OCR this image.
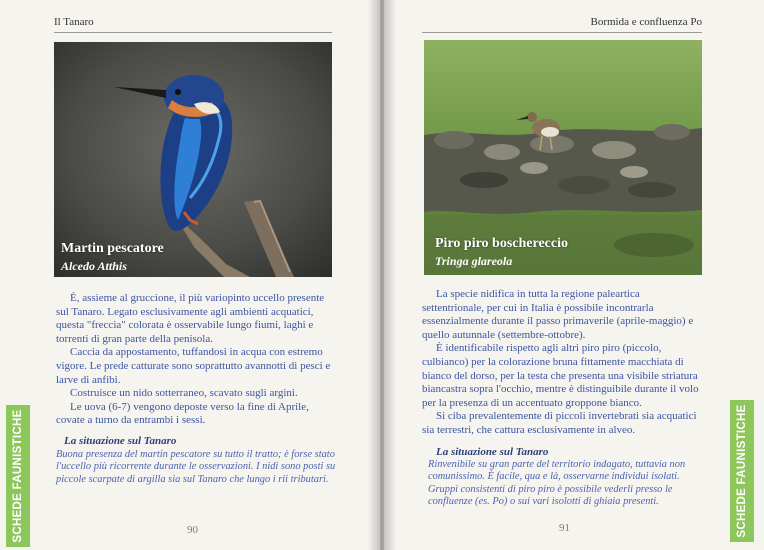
Il Tanaro
Martin pescatore
Alcedo Atthis

È, assieme al gruccione, il più variopinto uccello presente sul Tanaro. Legato esclusivamente agli ambienti acquatici, questa "freccia" colorata è osservabile lungo fiumi, laghi e torrenti di gran parte della penisola.

Caccia da appostamento, tuffandosi in acqua con estremo vigore. Le prede catturate sono soprattutto avannotti di pesci e larve di anfibi.

Costruisce un nido sotterraneo, scavato sugli argini.

Le uova (6-7) vengono deposte verso la fine di Aprile, covate a turno da entrambi i sessi.

La situazione sul Tanaro
Buona presenza del martin pescatore su tutto il tratto; è forse stato l'uccello più ricorrente durante le osservazioni. I nidi sono posti su piccole scarpate di argilla sia sul Tanaro che lungo i rii tributari.
90
SCHEDE FAUNISTICHE
Bormida e confluenza Po
Piro piro boschereccio
Tringa glareola

La specie nidifica in tutta la regione paleartica settentrionale, per cui in Italia è possibile incontrarla essenzialmente durante il passo primaverile (aprile-maggio) e quello autunnale (settembre-ottobre).

È identificabile rispetto agli altri piro piro (piccolo, culbianco) per la colorazione bruna fittamente macchiata di bianco del dorso, per la testa che presenta una visibile striatura biancastra sopra l'occhio, mentre è distinguibile durante il volo per la presenza di un accentuato groppone bianco.

Si ciba prevalentemente di piccoli invertebrati sia acquatici sia terrestri, che cattura esclusivamente in alveo.

La situazione sul Tanaro
Rinvenibile su gran parte del territorio indagato, tuttavia non comunissimo. È facile, qua e là, osservarne individui isolati. Gruppi consistenti di piro piro è possibile vederli presso le confluenze (es. Po) o sui vari isolotti di ghiaia presenti.
91	SCHEDE FAUNISTICHE
